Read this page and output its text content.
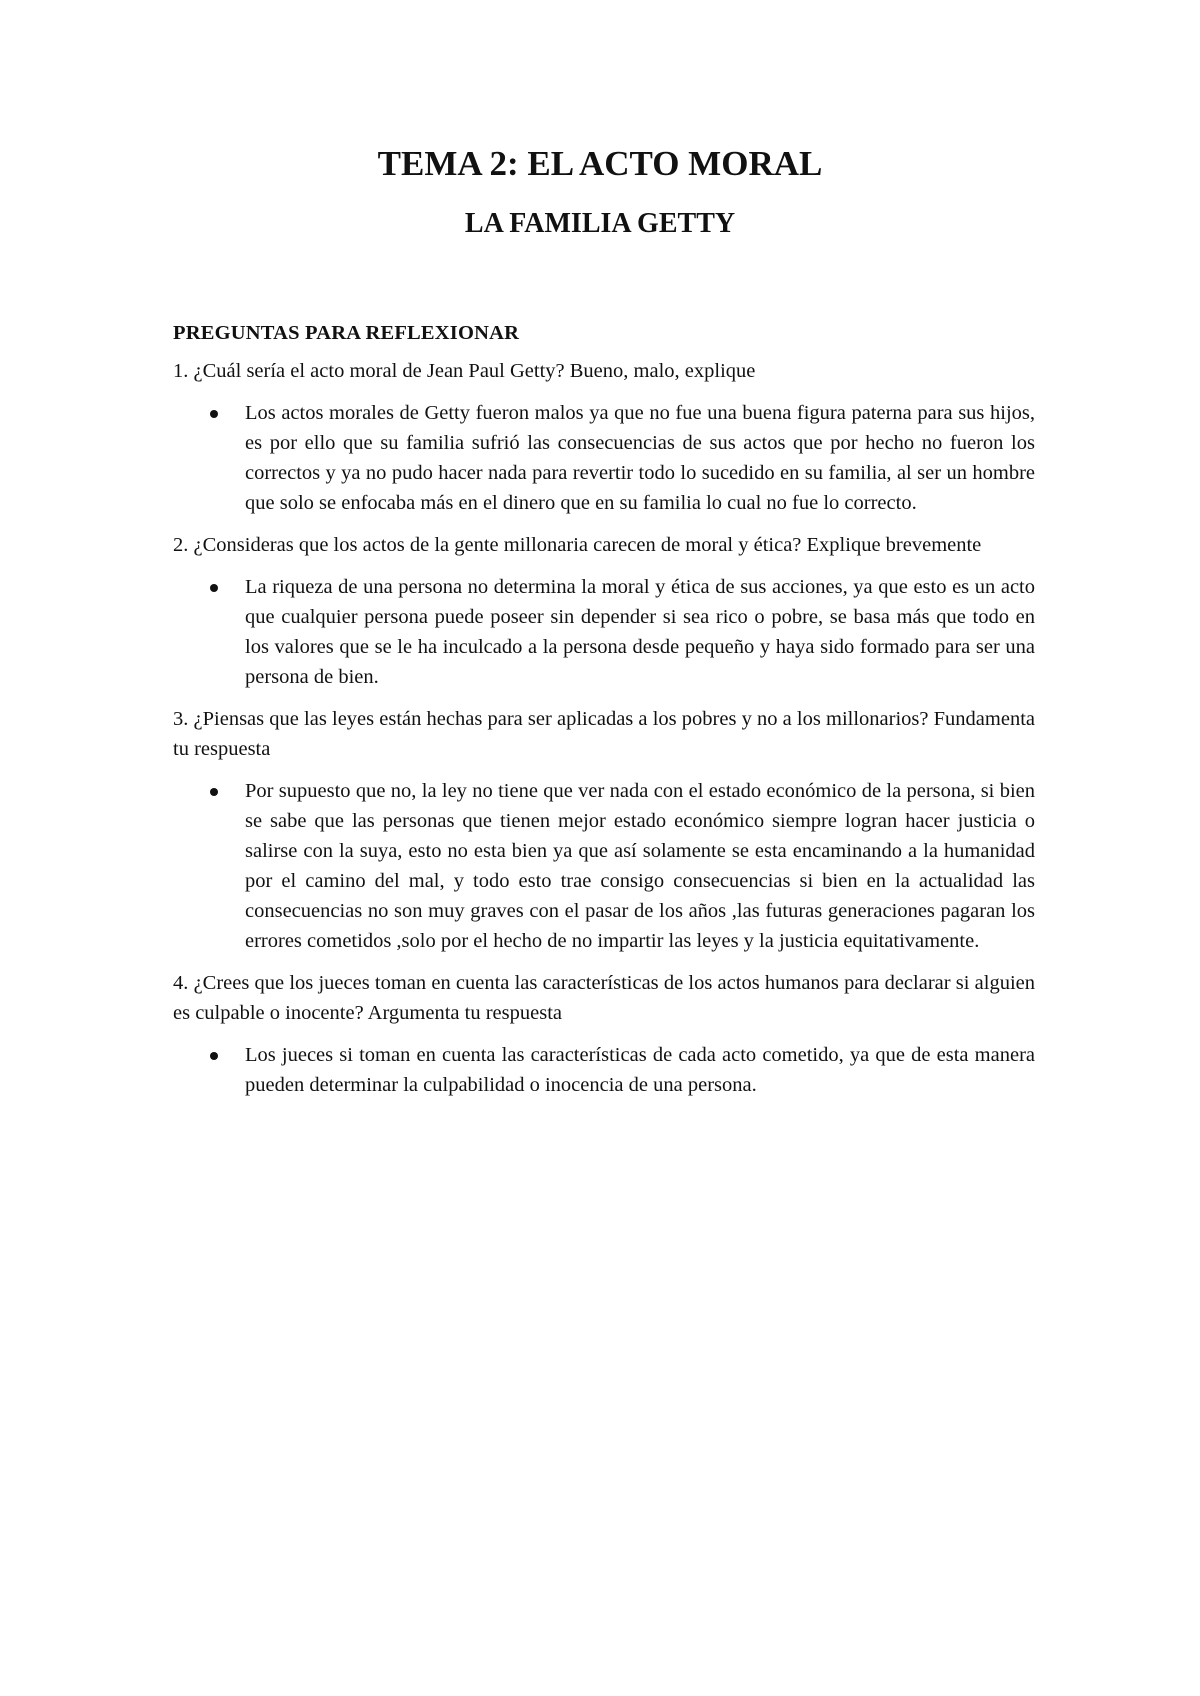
TEMA 2: EL ACTO MORAL
LA FAMILIA GETTY

PREGUNTAS PARA REFLEXIONAR

1. ¿Cuál sería el acto moral de Jean Paul Getty? Bueno, malo, explique

Los actos morales de Getty fueron malos ya que no fue una buena figura paterna para sus hijos, es por ello que su familia sufrió las consecuencias de sus actos que por hecho no fueron los correctos y ya no pudo hacer nada para revertir todo lo sucedido en su familia, al ser un hombre que solo se enfocaba más en el dinero que en su familia lo cual no fue lo correcto.

2. ¿Consideras que los actos de la gente millonaria carecen de moral y ética? Explique brevemente

La riqueza de una persona no determina la moral y ética de sus acciones, ya que esto es un acto que cualquier persona puede poseer sin depender si sea rico o pobre, se basa más que todo en los valores que se le ha inculcado a la persona desde pequeño y haya sido formado para ser una persona de bien.

3. ¿Piensas que las leyes están hechas para ser aplicadas a los pobres y no a los millonarios? Fundamenta tu respuesta

Por supuesto que no, la ley no tiene que ver nada con el estado económico de la persona, si bien se sabe que las personas que tienen mejor estado económico siempre logran hacer justicia o salirse con la suya, esto no esta bien ya que así solamente se esta encaminando a la humanidad por el camino del mal, y todo esto trae consigo consecuencias si bien en la actualidad las consecuencias no son muy graves con el pasar de los años ,las futuras generaciones pagaran los errores cometidos ,solo por el hecho de no impartir las leyes y la justicia equitativamente.

4. ¿Crees que los jueces toman en cuenta las características de los actos humanos para declarar si alguien es culpable o inocente? Argumenta tu respuesta

Los jueces si toman en cuenta las características de cada acto cometido, ya que de esta manera pueden determinar la culpabilidad o inocencia de una persona.
